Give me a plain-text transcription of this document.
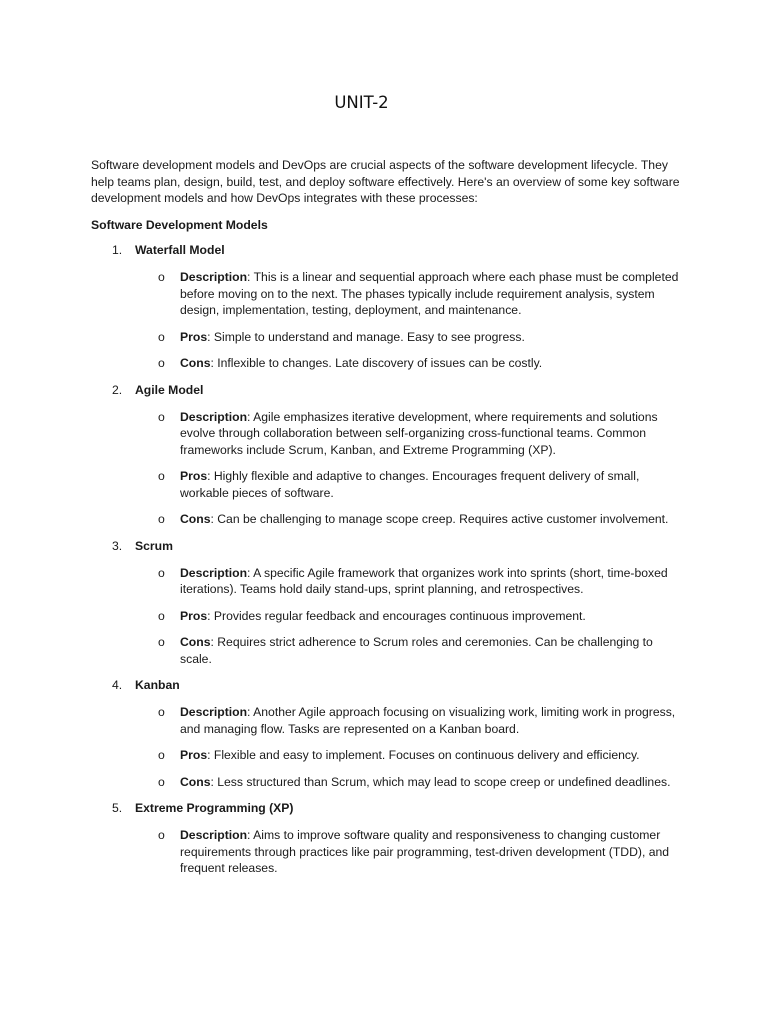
UNIT-2
Software development models and DevOps are crucial aspects of the software development lifecycle. They help teams plan, design, build, test, and deploy software effectively. Here's an overview of some key software development models and how DevOps integrates with these processes:
Software Development Models
1. Waterfall Model
o Description: This is a linear and sequential approach where each phase must be completed before moving on to the next. The phases typically include requirement analysis, system design, implementation, testing, deployment, and maintenance.
o Pros: Simple to understand and manage. Easy to see progress.
o Cons: Inflexible to changes. Late discovery of issues can be costly.
2. Agile Model
o Description: Agile emphasizes iterative development, where requirements and solutions evolve through collaboration between self-organizing cross-functional teams. Common frameworks include Scrum, Kanban, and Extreme Programming (XP).
o Pros: Highly flexible and adaptive to changes. Encourages frequent delivery of small, workable pieces of software.
o Cons: Can be challenging to manage scope creep. Requires active customer involvement.
3. Scrum
o Description: A specific Agile framework that organizes work into sprints (short, time-boxed iterations). Teams hold daily stand-ups, sprint planning, and retrospectives.
o Pros: Provides regular feedback and encourages continuous improvement.
o Cons: Requires strict adherence to Scrum roles and ceremonies. Can be challenging to scale.
4. Kanban
o Description: Another Agile approach focusing on visualizing work, limiting work in progress, and managing flow. Tasks are represented on a Kanban board.
o Pros: Flexible and easy to implement. Focuses on continuous delivery and efficiency.
o Cons: Less structured than Scrum, which may lead to scope creep or undefined deadlines.
5. Extreme Programming (XP)
o Description: Aims to improve software quality and responsiveness to changing customer requirements through practices like pair programming, test-driven development (TDD), and frequent releases.
